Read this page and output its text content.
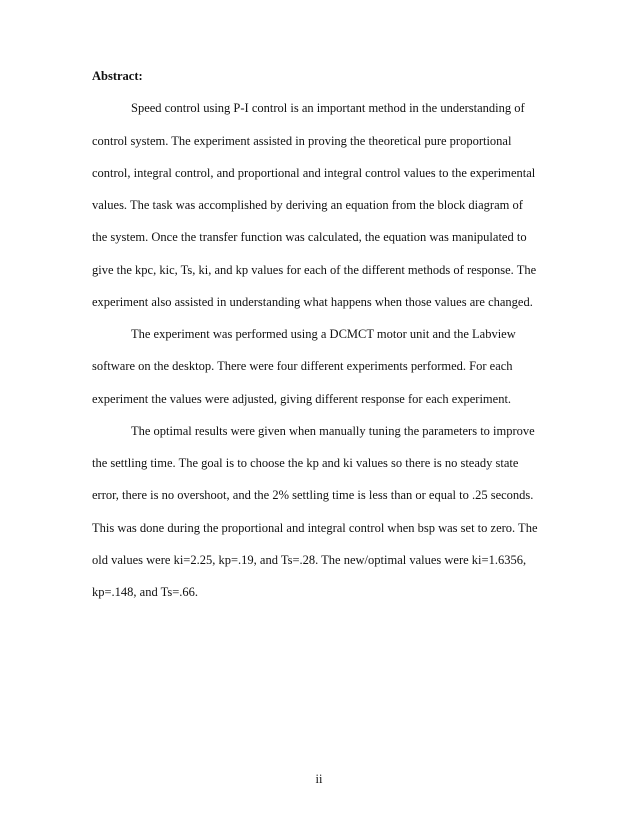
Abstract:

Speed control using P-I control is an important method in the understanding of

control system. The experiment assisted in proving the theoretical pure proportional

control, integral control, and proportional and integral control values to the experimental

values. The task was accomplished by deriving an equation from the block diagram of

the system. Once the transfer function was calculated, the equation was manipulated to

give the kpc, kic, Ts, ki, and kp values for each of the different methods of response. The

experiment also assisted in understanding what happens when those values are changed.

The experiment was performed using a DCMCT motor unit and the Labview

software on the desktop. There were four different experiments performed. For each

experiment the values were adjusted, giving different response for each experiment.

The optimal results were given when manually tuning the parameters to improve

the settling time. The goal is to choose the kp and ki values so there is no steady state

error, there is no overshoot, and the 2% settling time is less than or equal to .25 seconds.

This was done during the proportional and integral control when bsp was set to zero. The

old values were ki=2.25, kp=.19, and Ts=.28. The new/optimal values were ki=1.6356,

kp=.148, and Ts=.66.

ii
